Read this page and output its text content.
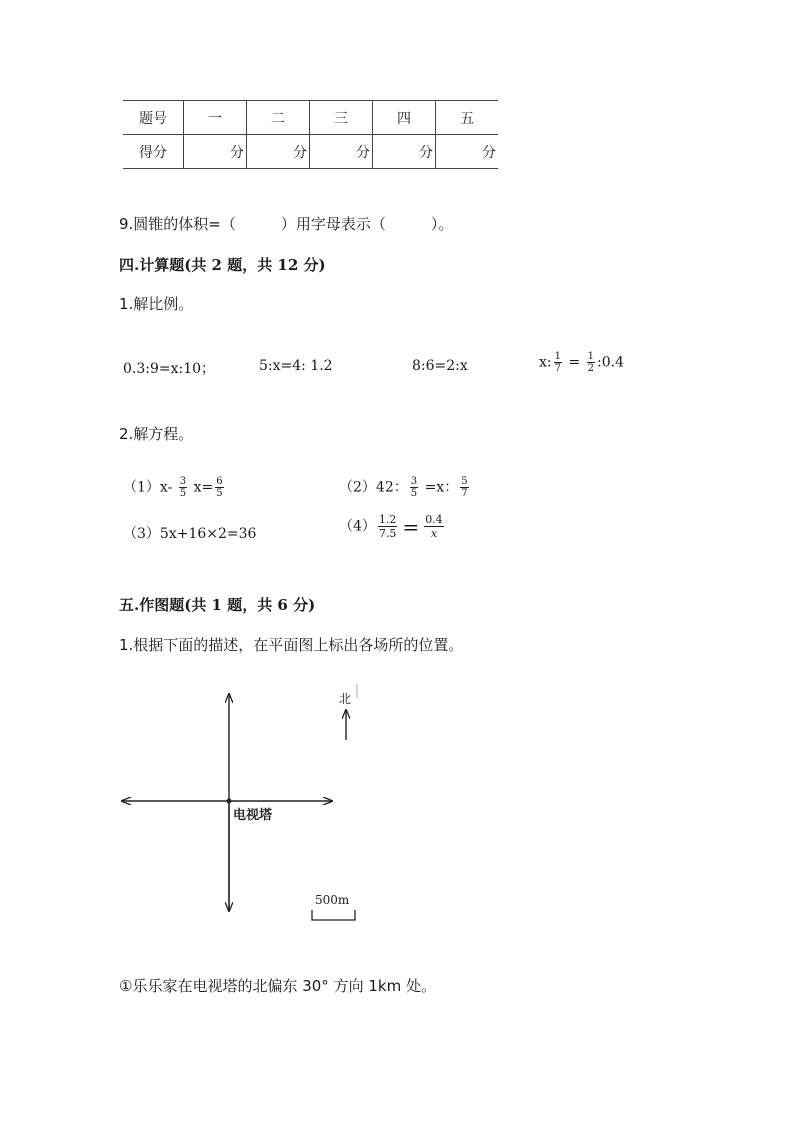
题号	一	二	三	四	五
得分	分	分	分	分	分
9.圆锥的体积=（　　　）用字母表示（　　　）。
四.计算题(共 2 题，共 12 分)
1.解比例。
0.3:9=x:10；	5:x=4: 1.2	8:6=2:x	x: $\frac{1}{7} = \frac{1}{2}$ :0.4
2.解方程。
$(1)x- \frac{3}{5} x= \frac{6}{5}$	（2）42： $\frac{3}{5} =x$： $\frac{5}{7}$
（3）5x+16×2=36	$(4) \frac{1.2}{7.5} = \frac{0.4}{x}$
五.作图题(共 1 题，共 6 分)
1.根据下面的描述，在平面图上标出各场所的位置。
电视塔
北
500m
①乐乐家在电视塔的北偏东 30° 方向 1km 处。
